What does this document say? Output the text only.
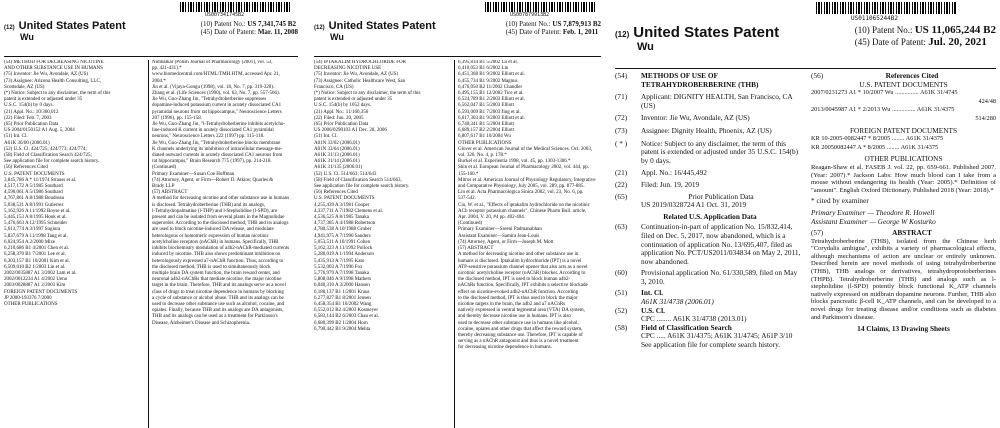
US007341745B2
(12) United States Patent
Wu
(10) Patent No.: US 7,341,745 B2
(45) Date of Patent: Mar. 11, 2008
(54) METHOD FOR DECREASING NICOTINE
AND OTHER SUBSTANCE USE IN HUMANS
(75) Inventor: Jie Wu, Avondale, AZ (US)
(73) Assignee: Arizona Health Consulting, LLC,
Scottsdale, AZ (US)
(*) Notice: Subject to any disclaimer, the term of this
patent is extended or adjusted under 35
U.S.C. 154(b) by 0 days.
(21) Appl. No.: 10/360,012
(22) Filed: Feb. 7, 2003
(65) Prior Publication Data
US 2004/0150152 A1 Aug. 5, 2004
(51) Int. Cl.
A61K 36/00 (2006.01)
(52) U.S. Cl. 424/725; 424/773; 424/774;
(58) Field of Classification Search 424/725;
See application file for complete search history.
(56) References Cited
U.S. PATENT DOCUMENTS
3,845,786 A * 11/1974 Strauss et al.
4,517,172 A 5/1985 Southard
4,590,061 A 5/1986 Southard
4,767,861 A 8/1988 Boudreau
5,038,531 A 8/1991 Gutierrez
5,162,926 A 11/1992 Boyse et al.
5,445,153 A 8/1995 Hook et al.
5,476,663 A 12/1995 Schneider
5,613,774 A 3/1997 Sugiura
5,837,679 A 11/1998 Tang et al.
6,024,954 A 2/2000 Mize
6,210,686 B1 4/2001 Chen et al.
6,258,370 B1 7/2001 Lee et al.
6,303,157 B1 10/2001 Kim et al.
6,509,010 B2 1/2003 Lin et al.
2002/0035887 A1 3/2002 Lam et al.
2002/0012234 A1 4/2002 Ueno
2003/0028887 A1 2/2003 Kim
FOREIGN PATENT DOCUMENTS
JP 2000-193376 7/2000
OTHER PUBLICATIONS
Nimbalkar (Polish Journal of Pharmacology (2001), vol. 53,
pp. 421-431).*
www.biomedcentral.com/HTML/TMH.HTM, accessed Apr. 21,
2004.*
Jin et al. (Vijaya-Gongu (1998), vol. 18, No. 7, pp. 319-320).
Zhang et al. (Life Sciences (1990), vol. 63, No. 7, pp. 557-566).
Jie Wu, Guo-Zhang Jin, "Tetrahydroberberine suppresses
dopamine-induced potassium current in acutely dissociated CA1
pyramidal neurons from rat hippocampus," Neuroscience Letters
207 (1996), pp. 155-158.
Jie Wu, Guo-Zhang Jin, "l-Tetrahydroberberine inhibits acetylcho-
line-induced K current in acutely dissociated CA1 pyramidal
neurons," Neuroscience Letters 222 (1997) pp. 115-118.
Jie Wu, Guo-Zhang Jin, "Tetrahydroberberine blocks membrane
K channels underlying its inhibition of intracellular message-me-
diated outward currents in acutely dissociated CA1 neurons from
rat hippocampus," Brain Research 775 (1997), pp. 214-218.
(Continued)
Primary Examiner—Susan Coe Hoffman
(74) Attorney, Agent, or Firm—Robert D. Atkins; Quarles &
Brady LLP
(57) ABSTRACT
A method for decreasing nicotine and other substance use in humans
is disclosed. Tetrahydroberberine (THB) and its analogs,
l-Tetrahydropalmatine (l-THP) and l-Stepholidine (l-SPD), are
present and can be isolated from several plants in the Magnoliidae
superorder. According to the disclosed method, THB and its analogs
are used to block nicotine-induced DA release, and modulate
heterologous or homomeric expression of human nicotinic
acetylcholine receptors (nAChR) in humans. Specifically, THB
inhibits biochemistry modulation of a4b2-nAChR-mediated currents
induced by nicotine. THB also shows predominant inhibition on
heterologously expressed a7-nAChR function. Thus, according to
the disclosed method, THB is used to simultaneously block
multiple brain DA system function, the brain reward center, and
neuronal a4b2-nAChRs that mediate nicotine, the major nicotine
target in the brain. Therefore, THB and its analogs serve as a novel
class of drugs to treat nicotine dependence in humans by blocking
a cycle of substance or alcohol abuse. THB and its analogs can be
used to decrease other substance use such as alcohol, cocaine, and
opiates. Finally, because THB and its analogs are DA antagonists,
THB and its analogs can be used as a treatment for Parkinson's
Disease, Alzheimer's Disease and Schizophrenia.
US007879913B2
(12) United States Patent
Wu
(10) Patent No.: US 7,879,913 B2
(45) Date of Patent: Feb. 1, 2011
(54) IPTAKALIM HYDROCHLORIDE FOR
DECREASING NICOTINE USE
(75) Inventor: Jie Wu, Avondale, AZ (US)
(73) Assignee: Catholic Healthcare West, San
Francisco, CA (US)
(*) Notice: Subject to any disclaimer, the term of this
patent is extended or adjusted under 35
U.S.C. 154(b) by 1052 days.
(21) Appl. No.: 11/160,356
(22) Filed: Jun. 20, 2005
(65) Prior Publication Data
US 2006/0290103 A1 Dec. 28, 2006
(51) Int. Cl.
A01N 33/02 (2006.01)
A01N 33/04 (2006.01)
A61K 31/13 (2006.01)
A61K 31/14 (2006.01)
A61K 31/135 (2006.01)
(52) U.S. Cl. 514/663; 514/643
(58) Field of Classification Search 514/663,
See application file for complete search history.
(56) References Cited
U.S. PATENT DOCUMENTS
4,255,439 A 3/1981 Cooper
4,337,711 A 7/1982 Clemens et al.
4,536,525 A 8/1985 Tanaka
4,737,385 A 4/1988 Robertson
4,780,538 A 10/1988 Gruber
4,941,975 A 7/1990 Sanders
5,053,511 A 10/1991 Cohen
5,162,323 A 11/1992 Pollock
5,280,019 A 1/1994 Anderson
5,435,913 A 7/1995 Kato
5,532,003 A 7/1996 Fox
5,776,979 A 7/1998 Tanaka
5,808,046 A 9/1998 Mathers
6,040,310 A 3/2000 Hansen
6,180,137 B1 1/2001 Kraus
6,277,827 B1 8/2001 Jensen
6,458,354 B1 10/2002 Wang
6,552,012 B2 4/2003 Kosmeyer
6,583,144 B2 6/2003 Chau et al.
6,680,399 B2 1/2004 Horn
6,790,442 B1 9/2004 Mehta
6,395,834 B1 5/2002 Lu et al.
6,410,053 B1 6/2002 Lin
6,451,368 B1 9/2002 Elliott et al.
6,455,734 B1 9/2002 Magnus
6,476,050 B2 11/2002 Chandler
6,495,155 B1 12/2002 Tice et al.
6,524,789 B1 2/2003 Elliott et al.
6,562,047 B1 5/2003 Elliott
6,593,069 B1 7/2003 Jing et al.
6,617,303 B1 9/2003 Elliott et al.
6,740,341 B1 5/2004 Elliott
6,689,157 B2 2/2004 Elliott
6,807,617 B1 10/2004 Wu
OTHER PUBLICATIONS
Glover et al. American Journal of the Medical Sciences. Oct. 2003,
vol. 326, No. 4, p. 178.*
Buckel et al. Experientia 1998, vol. 45, pp. 1303-1306.*
Shin et al. European Journal of Pharmacology 2002, vol. 444, pp.
155-160.*
Mitros et al. American Journal of Physiology Regulatory, Integrative
and Comparative Physiology, July 2005, vol. 289, pp. 877-885.
Lin et al. Acta Pharmacologica Sinica 2002, vol. 23, No. 6, pp.
537-542.
Ciu, W. et al., "Effects of iptakalim hydrochloride on the nicotinic
ACh receptor potassium channels", Chinese Pharm Bull. article,
Apr. 2004, V. 20, #4 pp. 402-404.
(Continued)
Primary Examiner—Sreeni Padmanabhan
Assistant Examiner—Samira Jean-Louis
(74) Attorney, Agent, or Firm—Joseph M. Mott
(57) ABSTRACT
A method for decreasing nicotine and other substance use in
humans is disclosed. Iptakalim hydrochloride (IPT) is a novel
ATP-sensitive potassium channel opener that also acts as a novel
nicotinic acetylcholine receptor (nAChR) blocker. According to
the disclosed method, IPT is used to block human a4b2-
nAChRs function. Specifically, IPT exhibits a selective blockade
effect on nicotine-evoked a4b2-nAChR function. According
to the disclosed method, IPT is thus used to block the major
nicotine targets in the brain, the a4b2 and a7 nAChRs
natively expressed in ventral tegmental area (VTA) DA system,
and thereby decrease nicotine use in humans. IPT is also
used to decrease other substance use in humans like alcohol,
cocaine, opiates and other drugs that affect the reward system,
thereby decreasing substance use. Therefore, IPT is capable of
serving as a nAChR antagonist and thus is a novel treatment
for decreasing nicotine dependence in humans.
US011065244B2
(12) United States Patent
Wu
(10) Patent No.: US 11,065,244 B2
(45) Date of Patent: Jul. 20, 2021
(54) METHODS OF USE OF TETRAHYDROBERBERINE (THB)
(71) Applicant: DIGNITY HEALTH, San Francisco, CA (US)
(72) Inventor: Jie Wu, Avondale, AZ (US)
(73) Assignee: Dignity Health, Phoenix, AZ (US)
( * ) Notice: Subject to any disclaimer, the term of this patent is extended or adjusted under 35 U.S.C. 154(b) by 0 days.
(21) Appl. No.: 16/445,492
(22) Filed: Jun. 19, 2019
(65)	Prior Publication Data
US 2019/0328724 A1 Oct. 31, 2019
Related U.S. Application Data
(63) Continuation-in-part of application No. 15/832,414, filed on Dec. 5, 2017, now abandoned, which is a continuation of application No. 13/695,407, filed as application No. PCT/US2011/034834 on May 2, 2011, now abandoned.
(60) Provisional application No. 61/330,589, filed on May 3, 2010.
(51) Int. Cl.
A61K 31/4738 (2006.01)
(52) U.S. Cl.
CPC ........ A61K 31/4738 (2013.01)
(58) Field of Classification Search
CPC ..... A61K 31/4375; A61K 31/4745; A61P 3/10
See application file for complete search history.
(56)	References Cited
U.S. PATENT DOCUMENTS
2007/0231273 A1 * 10/2007 Wu ............... A61K 31/4745
424/48
2013/0045987 A1 * 2/2013 Wu ............... A61K 31/4375
514/280
FOREIGN PATENT DOCUMENTS
KR 10-2005-0082447 * 8/2005 ........ A61K 31/4375
KR 20050082447 A * 8/2005 ........ A61K 31/4375
OTHER PUBLICATIONS
Reagan-Shaw et al. FASEB J. vol. 22, pp. 659-661. Published 2007. (Year: 2007).* Jackson Labs: How much blood can I take from a mouse without endangering its health (Year: 2005).* Definition of "amount". English Oxford Dictionary. Published 2018 (Year: 2018).*
* cited by examiner
Primary Examiner — Theodore R. Howell
Assistant Examiner — George W Kosturko
(57)	ABSTRACT
Tetrahydroberberine (THB), isolated from the Chinese herb "Corydalis ambigua", exhibits a variety of pharmacological effects, although mechanisms of action are unclear or entirely unknown. Described herein are novel methods of using tetrahydroberberine (THB), THB analogs or derivatives, tetrahydroprotoberberines (THPB). Tetrahydroberberine (THB) and analogs such as l-stepholidine (l-SPD) potently block functional K_ATP channels natively expressed on midbrain dopamine neurons. Further, THB also blocks pancreatic β-cell K_ATP channels, and can be developed to a novel drugs for treating disease and/or conditions such as diabetes and Parkinson's disease.
14 Claims, 13 Drawing Sheets
